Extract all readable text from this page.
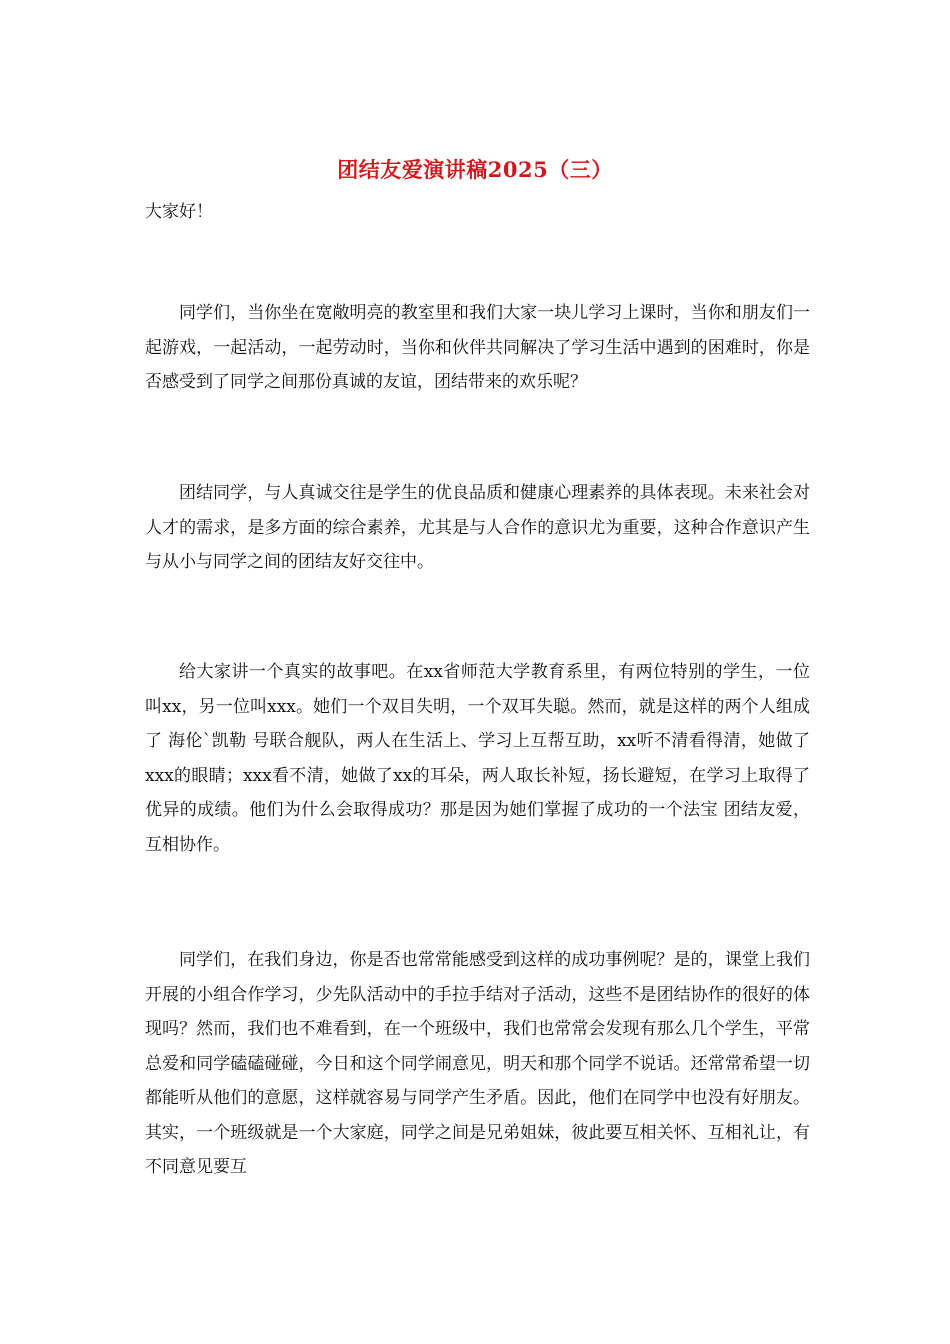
团结友爱演讲稿2025（三）
大家好！

同学们，当你坐在宽敞明亮的教室里和我们大家一块儿学习上课时，当你和朋友们一起游戏，一起活动，一起劳动时，当你和伙伴共同解决了学习生活中遇到的困难时，你是否感受到了同学之间那份真诚的友谊，团结带来的欢乐呢？

团结同学，与人真诚交往是学生的优良品质和健康心理素养的具体表现。未来社会对人才的需求，是多方面的综合素养，尤其是与人合作的意识尤为重要，这种合作意识产生与从小与同学之间的团结友好交往中。

给大家讲一个真实的故事吧。在xx省师范大学教育系里，有两位特别的学生，一位叫xx，另一位叫xxx。她们一个双目失明，一个双耳失聪。然而，就是这样的两个人组成了 海伦`凯勒 号联合舰队，两人在生活上、学习上互帮互助，xx听不清看得清，她做了xxx的眼睛；xxx看不清，她做了xx的耳朵，两人取长补短，扬长避短，在学习上取得了优异的成绩。他们为什么会取得成功？那是因为她们掌握了成功的一个法宝 团结友爱，互相协作。

同学们，在我们身边，你是否也常常能感受到这样的成功事例呢？是的，课堂上我们开展的小组合作学习，少先队活动中的手拉手结对子活动，这些不是团结协作的很好的体现吗？然而，我们也不难看到，在一个班级中，我们也常常会发现有那么几个学生，平常总爱和同学磕磕碰碰，今日和这个同学闹意见，明天和那个同学不说话。还常常希望一切都能听从他们的意愿，这样就容易与同学产生矛盾。因此，他们在同学中也没有好朋友。其实，一个班级就是一个大家庭，同学之间是兄弟姐妹，彼此要互相关怀、互相礼让，有不同意见要互
